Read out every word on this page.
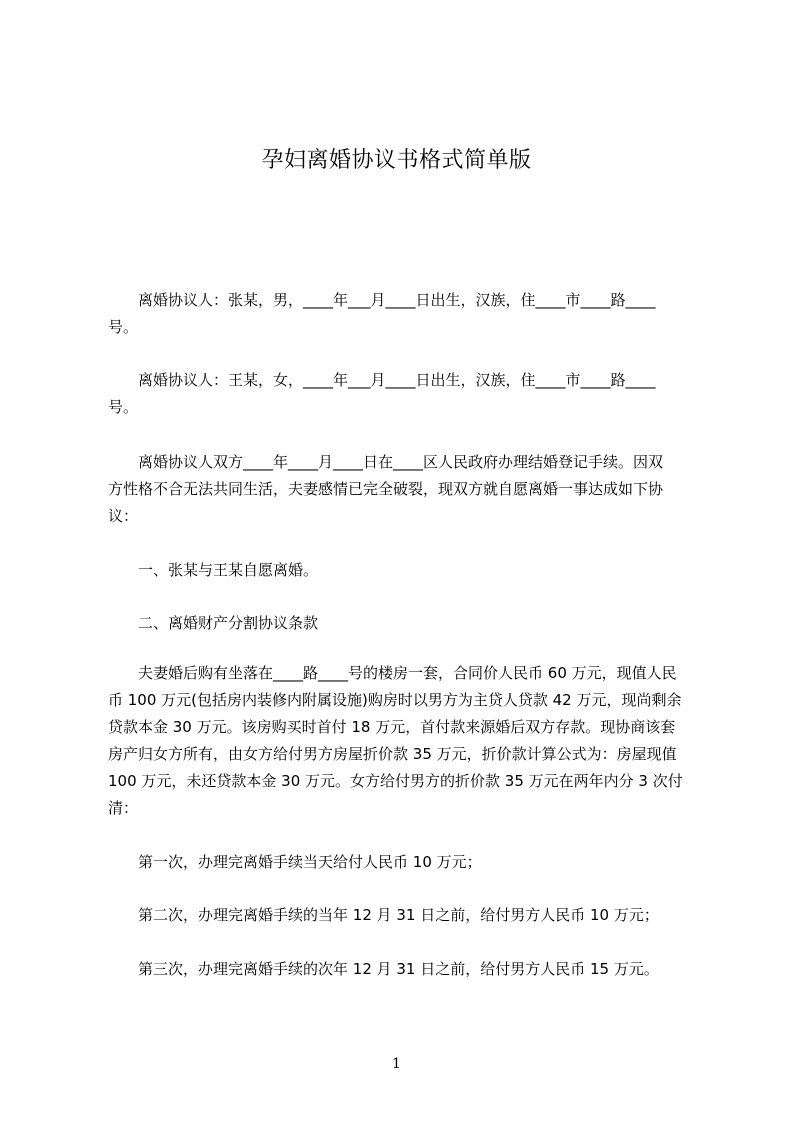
孕妇离婚协议书格式简单版
　　离婚协议人：张某，男，____年___月____日出生，汉族，住____市____路____
号。
　　离婚协议人：王某，女，____年___月____日出生，汉族，住____市____路____
号。
　　离婚协议人双方____年____月____日在____区人民政府办理结婚登记手续。因双
方性格不合无法共同生活，夫妻感情已完全破裂，现双方就自愿离婚一事达成如下协
议：
　　一、张某与王某自愿离婚。
　　二、离婚财产分割协议条款
　　夫妻婚后购有坐落在____路____号的楼房一套，合同价人民币 60 万元，现值人民
币 100 万元(包括房内装修内附属设施)购房时以男方为主贷人贷款 42 万元，现尚剩余
贷款本金 30 万元。该房购买时首付 18 万元，首付款来源婚后双方存款。现协商该套
房产归女方所有，由女方给付男方房屋折价款 35 万元，折价款计算公式为：房屋现值
100 万元，未还贷款本金 30 万元。女方给付男方的折价款 35 万元在两年内分 3 次付
清：
　　第一次，办理完离婚手续当天给付人民币 10 万元；
　　第二次，办理完离婚手续的当年 12 月 31 日之前，给付男方人民币 10 万元；
　　第三次，办理完离婚手续的次年 12 月 31 日之前，给付男方人民币 15 万元。
1
